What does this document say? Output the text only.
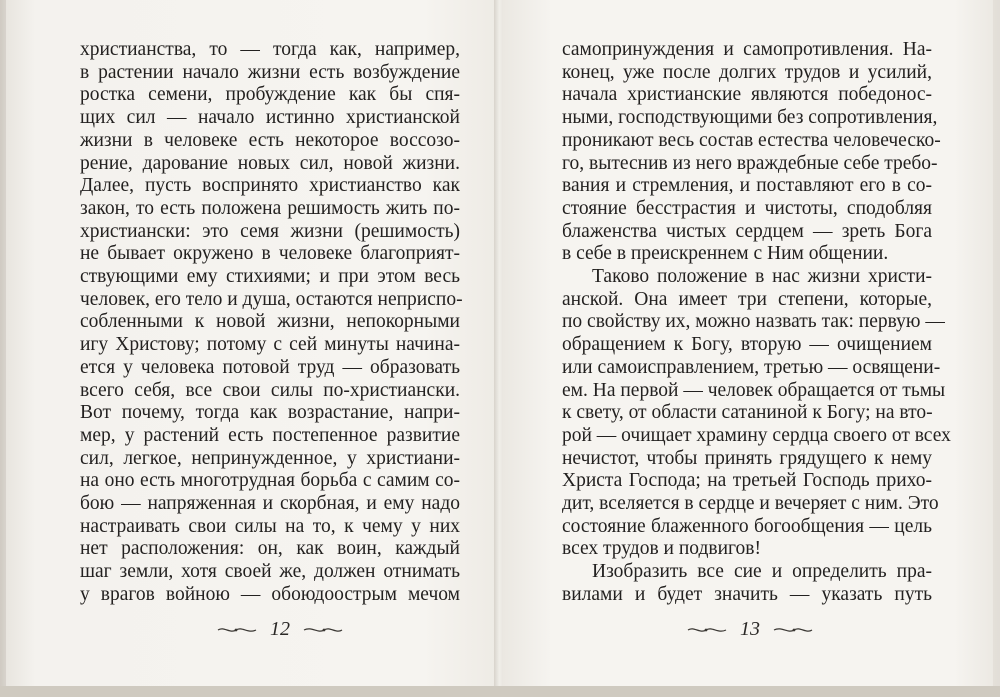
христианства, то — тогда как, например,
в растении начало жизни есть возбуждение
ростка семени, пробуждение как бы спя-
щих сил — начало истинно христианской
жизни в человеке есть некоторое воссозо-
рение, дарование новых сил, новой жизни.
Далее, пусть воспринято христианство как
закон, то есть положена решимость жить по-
христиански: это семя жизни (решимость)
не бывает окружено в человеке благоприят-
ствующими ему стихиями; и при этом весь
человек, его тело и душа, остаются неприспо-
собленными к новой жизни, непокорными
игу Христову; потому с сей минуты начина-
ется у человека потовой труд — образовать
всего себя, все свои силы по-христиански.
Вот почему, тогда как возрастание, напри-
мер, у растений есть постепенное развитие
сил, легкое, непринужденное, у христиани-
на оно есть многотрудная борьба с самим со-
бою — напряженная и скорбная, и ему надо
настраивать свои силы на то, к чему у них
нет расположения: он, как воин, каждый
шаг земли, хотя своей же, должен отнимать
у врагов войною — обоюдоострым мечом
12
самопринуждения и самопротивления. На-
конец, уже после долгих трудов и усилий,
начала христианские являются победонос-
ными, господствующими без сопротивления,
проникают весь состав естества человеческо-
го, вытеснив из него враждебные себе требо-
вания и стремления, и поставляют его в со-
стояние бесстрастия и чистоты, сподобляя
блаженства чистых сердцем — зреть Бога
в себе в преискреннем с Ним общении.
Таково положение в нас жизни христи-
анской. Она имеет три степени, которые,
по свойству их, можно назвать так: первую —
обращением к Богу, вторую — очищением
или самоисправлением, третью — освящени-
ем. На первой — человек обращается от тьмы
к свету, от области сатаниной к Богу; на вто-
рой — очищает храмину сердца своего от всех
нечистот, чтобы принять грядущего к нему
Христа Господа; на третьей Господь прихо-
дит, вселяется в сердце и вечеряет с ним. Это
состояние блаженного богообщения — цель
всех трудов и подвигов!
Изобразить все сие и определить пра-
вилами и будет значить — указать путь
13
